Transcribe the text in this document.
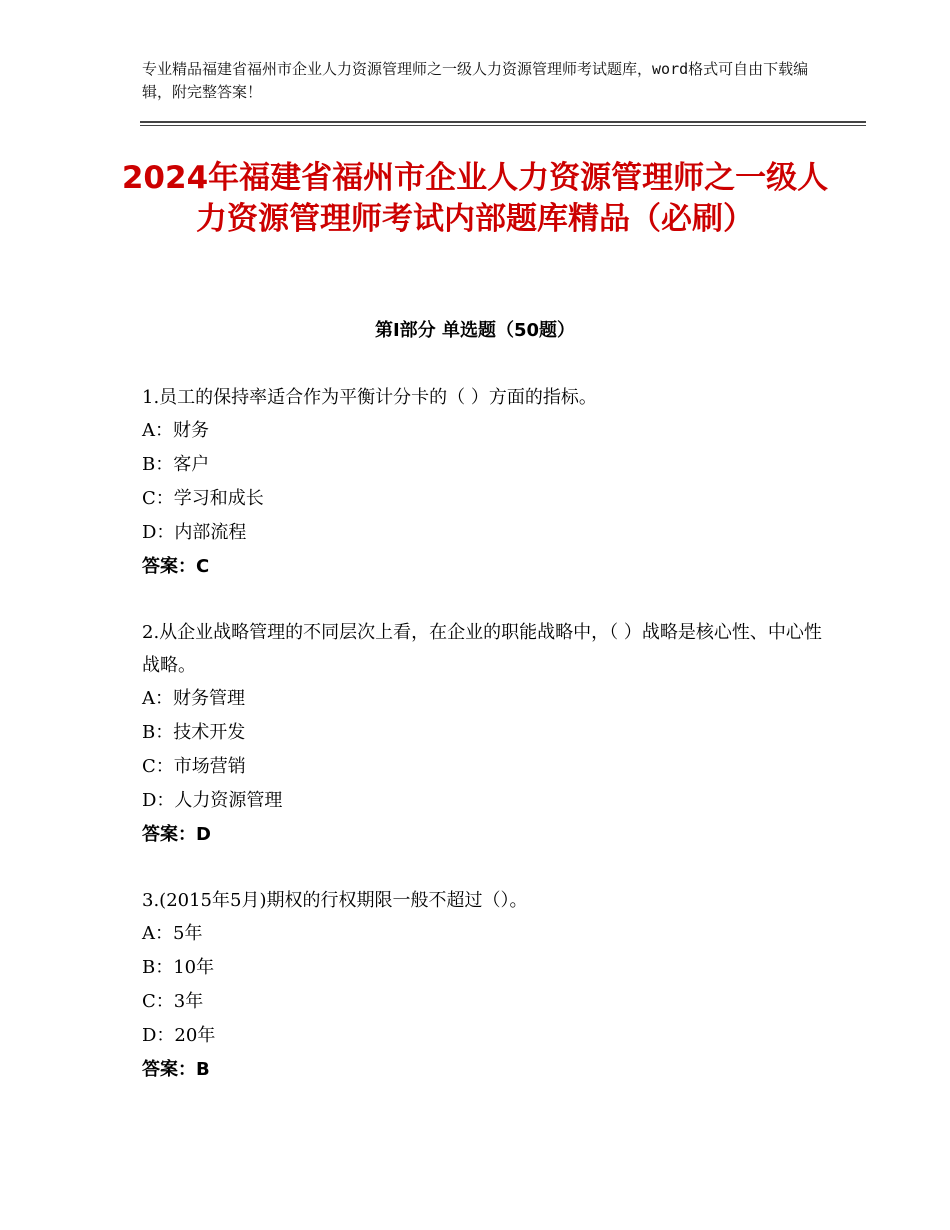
专业精品福建省福州市企业人力资源管理师之一级人力资源管理师考试题库，word格式可自由下载编辑，附完整答案！
2024年福建省福州市企业人力资源管理师之一级人力资源管理师考试内部题库精品（必刷）
第Ⅰ部分 单选题（50题）

1.员工的保持率适合作为平衡计分卡的（ ）方面的指标。

A：财务

B：客户

C：学习和成长

D：内部流程

答案：C

2.从企业战略管理的不同层次上看，在企业的职能战略中，（ ）战略是核心性、中心性战略。

A：财务管理

B：技术开发

C：市场营销

D：人力资源管理

答案：D

3.(2015年5月)期权的行权期限一般不超过（）。

A：5年

B：10年

C：3年

D：20年

答案：B
